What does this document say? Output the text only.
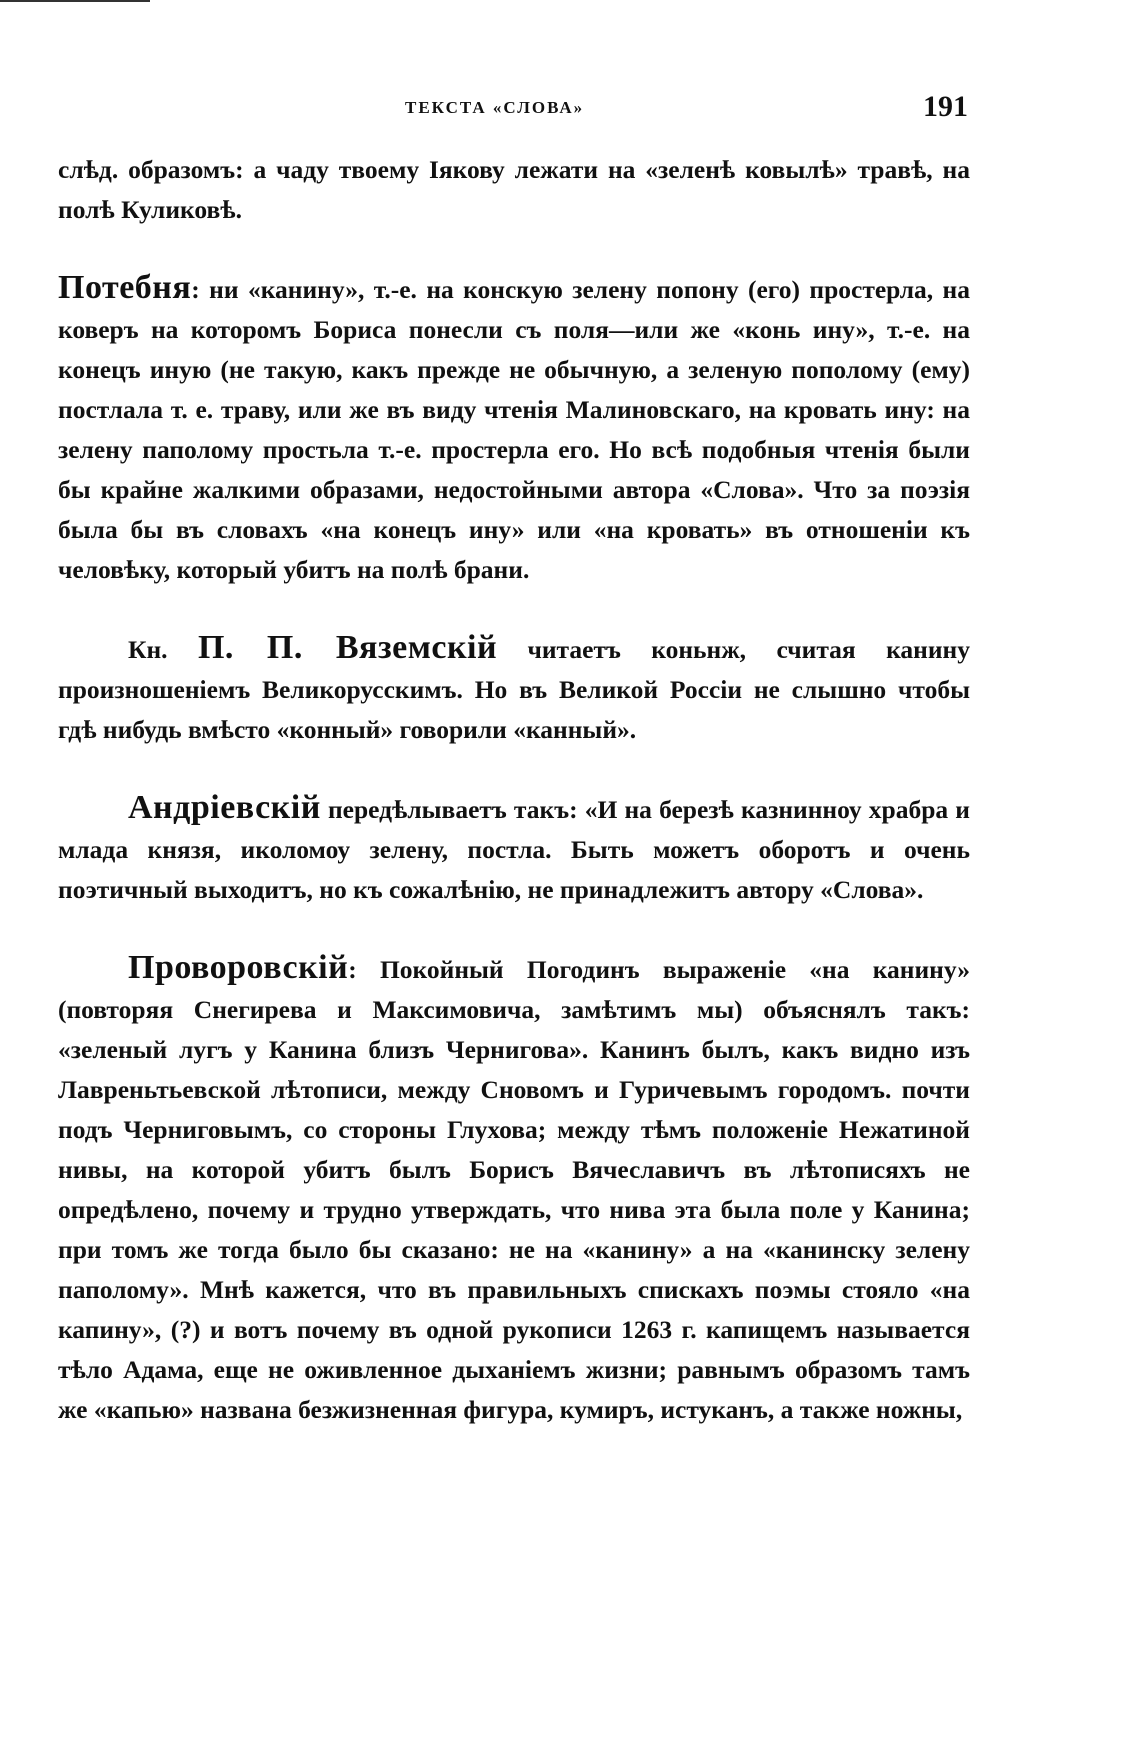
ТЕКСТА «СЛОВА»	191

слѣд. образомъ: а чаду твоему Іякову лежати на «зеленѣ ковылѣ» травѣ, на полѣ Куликовѣ.

Потебня: ни «канину», т.-е. на конскую зелену попону (его) простерла, на коверъ на которомъ Бориса понесли съ поля—или же «конь ину», т.-е. на конецъ иную (не такую, какъ прежде не обычную, а зеленую пополому (ему) постлала т. е. траву, или же въ виду чтенія Малиновскаго, на кровать ину: на зелену паполому простьла т.-е. простерла его. Но всѣ подобныя чтенія были бы крайне жалкими образами, недостойными автора «Слова». Что за поэзія была бы въ словахъ «на конецъ ину» или «на кровать» въ отношеніи къ человѣку, который убитъ на полѣ брани.

Кн. П. П. Вяземскій читаетъ коньнж, считая канину произношеніемъ Великорусскимъ. Но въ Великой Россіи не слышно чтобы гдѣ нибудь вмѣсто «конный» говорили «канный».

Андріевскій передѣлываетъ такъ: «И на березѣ казнинноу храбра и млада князя, иколомоу зелену, постла. Быть можетъ оборотъ и очень поэтичный выходитъ, но къ сожалѣнію, не принадлежитъ автору «Слова».

Проворовскій: Покойный Погодинъ выраженіе «на канину» (повторяя Снегирева и Максимовича, замѣтимъ мы) объяснялъ такъ: «зеленый лугъ у Канина близъ Чернигова». Канинъ былъ, какъ видно изъ Лавреньтьевской лѣтописи, между Сновомъ и Гуричевымъ городомъ. почти подъ Черниговымъ, со стороны Глухова; между тѣмъ положеніе Нежатиной нивы, на которой убитъ былъ Борисъ Вячеславичъ въ лѣтописяхъ не опредѣлено, почему и трудно утверждать, что нива эта была поле у Канина; при томъ же тогда было бы сказано: не на «канину» а на «канинску зелену паполому». Мнѣ кажется, что въ правильныхъ спискахъ поэмы стояло «на капину», (?) и вотъ почему въ одной рукописи 1263 г. капищемъ называется тѣло Адама, еще не оживленное дыханіемъ жизни; равнымъ образомъ тамъ же «капью» названа безжизненная фигура, кумиръ, истуканъ, а также ножны,
